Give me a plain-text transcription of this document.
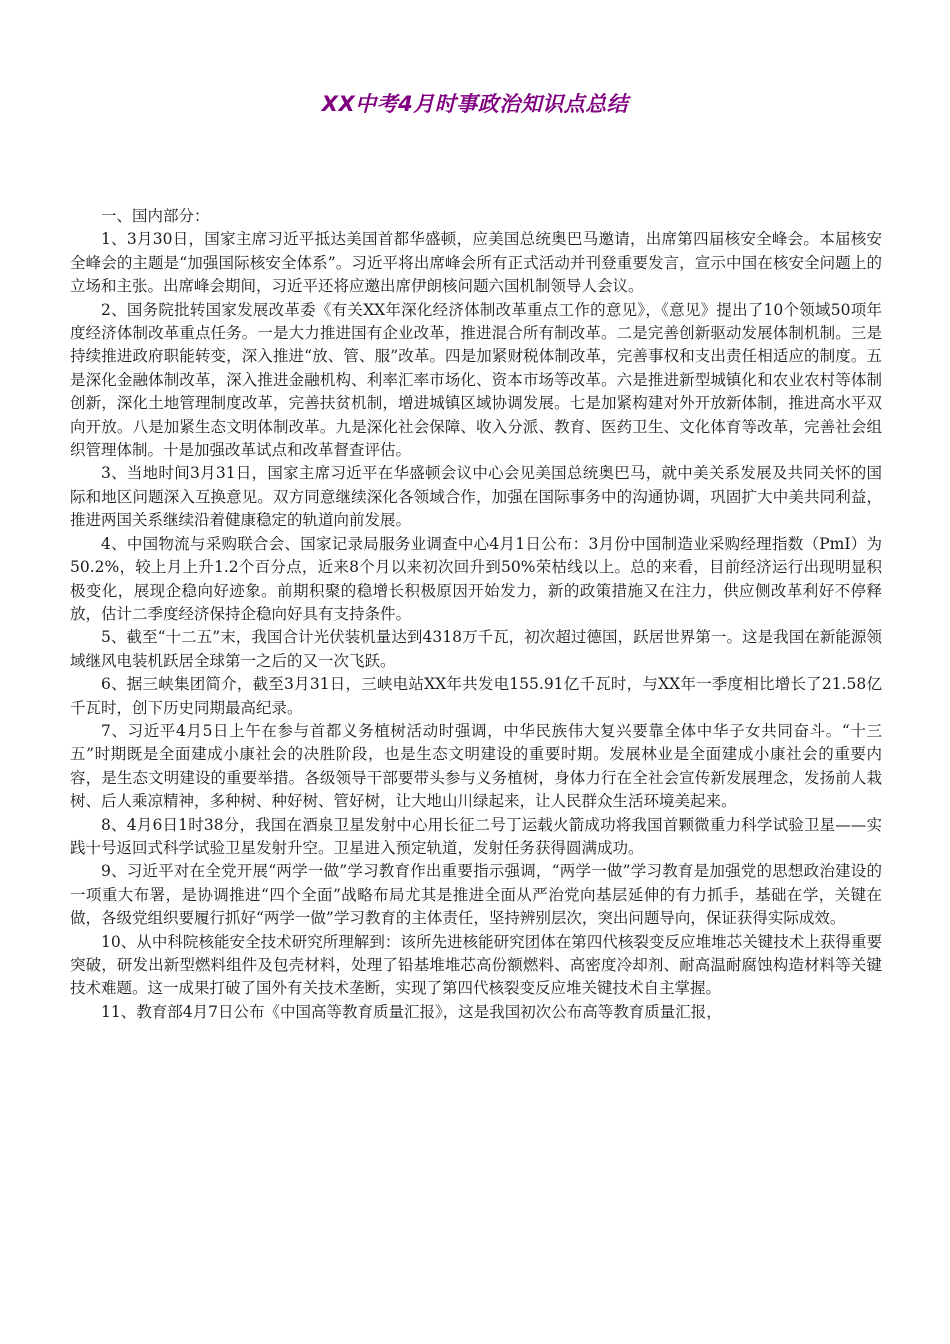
XX中考4月时事政治知识点总结

一、国内部分：

1、3月30日，国家主席习近平抵达美国首都华盛顿，应美国总统奥巴马邀请，出席第四届核安全峰会。本届核安全峰会的主题是“加强国际核安全体系”。习近平将出席峰会所有正式活动并刊登重要发言，宣示中国在核安全问题上的立场和主张。出席峰会期间，习近平还将应邀出席伊朗核问题六国机制领导人会议。

2、国务院批转国家发展改革委《有关XX年深化经济体制改革重点工作的意见》，《意见》提出了10个领域50项年度经济体制改革重点任务。一是大力推进国有企业改革，推进混合所有制改革。二是完善创新驱动发展体制机制。三是持续推进政府职能转变，深入推进“放、管、服”改革。四是加紧财税体制改革，完善事权和支出责任相适应的制度。五是深化金融体制改革，深入推进金融机构、利率汇率市场化、资本市场等改革。六是推进新型城镇化和农业农村等体制创新，深化土地管理制度改革，完善扶贫机制，增进城镇区域协调发展。七是加紧构建对外开放新体制，推进高水平双向开放。八是加紧生态文明体制改革。九是深化社会保障、收入分派、教育、医药卫生、文化体育等改革，完善社会组织管理体制。十是加强改革试点和改革督查评估。

3、当地时间3月31日，国家主席习近平在华盛顿会议中心会见美国总统奥巴马，就中美关系发展及共同关怀的国际和地区问题深入互换意见。双方同意继续深化各领域合作，加强在国际事务中的沟通协调，巩固扩大中美共同利益，推进两国关系继续沿着健康稳定的轨道向前发展。

4、中国物流与采购联合会、国家记录局服务业调查中心4月1日公布：3月份中国制造业采购经理指数（PmI）为50.2%，较上月上升1.2个百分点，近来8个月以来初次回升到50%荣枯线以上。总的来看，目前经济运行出现明显积极变化，展现企稳向好迹象。前期积聚的稳增长积极原因开始发力，新的政策措施又在注力，供应侧改革利好不停释放，估计二季度经济保持企稳向好具有支持条件。

5、截至“十二五”末，我国合计光伏装机量达到4318万千瓦，初次超过德国，跃居世界第一。这是我国在新能源领域继风电装机跃居全球第一之后的又一次飞跃。

6、据三峡集团简介，截至3月31日，三峡电站XX年共发电155.91亿千瓦时，与XX年一季度相比增长了21.58亿千瓦时，创下历史同期最高纪录。

7、习近平4月5日上午在参与首都义务植树活动时强调，中华民族伟大复兴要靠全体中华子女共同奋斗。“十三五”时期既是全面建成小康社会的决胜阶段，也是生态文明建设的重要时期。发展林业是全面建成小康社会的重要内容，是生态文明建设的重要举措。各级领导干部要带头参与义务植树，身体力行在全社会宣传新发展理念，发扬前人栽树、后人乘凉精神，多种树、种好树、管好树，让大地山川绿起来，让人民群众生活环境美起来。

8、4月6日1时38分，我国在酒泉卫星发射中心用长征二号丁运载火箭成功将我国首颗微重力科学试验卫星——实践十号返回式科学试验卫星发射升空。卫星进入预定轨道，发射任务获得圆满成功。

9、习近平对在全党开展“两学一做”学习教育作出重要指示强调，“两学一做”学习教育是加强党的思想政治建设的一项重大布署，是协调推进“四个全面”战略布局尤其是推进全面从严治党向基层延伸的有力抓手，基础在学，关键在做，各级党组织要履行抓好“两学一做”学习教育的主体责任，坚持辨别层次，突出问题导向，保证获得实际成效。

10、从中科院核能安全技术研究所理解到：该所先进核能研究团体在第四代核裂变反应堆堆芯关键技术上获得重要突破，研发出新型燃料组件及包壳材料，处理了铅基堆堆芯高份额燃料、高密度冷却剂、耐高温耐腐蚀构造材料等关键技术难题。这一成果打破了国外有关技术垄断，实现了第四代核裂变反应堆关键技术自主掌握。

11、教育部4月7日公布《中国高等教育质量汇报》，这是我国初次公布高等教育质量汇报，
